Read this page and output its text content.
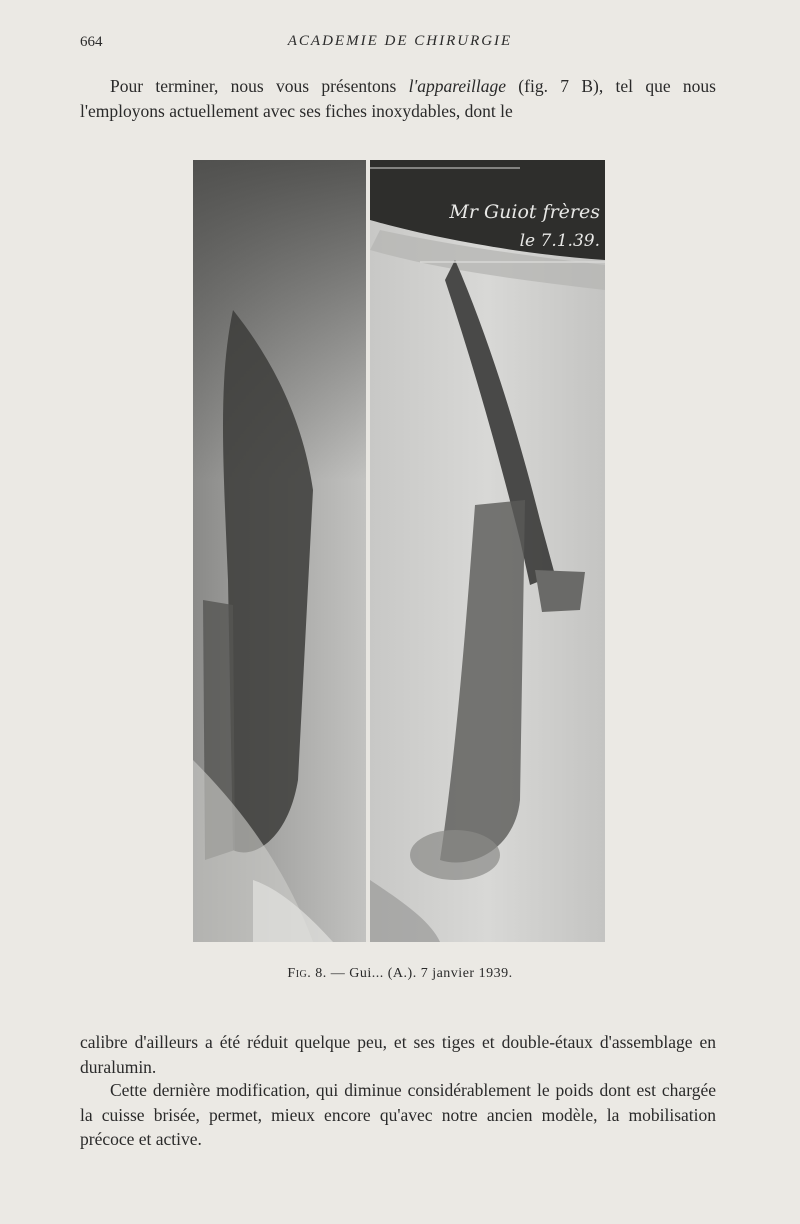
664	ACADEMIE DE CHIRURGIE

Pour terminer, nous vous présentons l'appareillage (fig. 7 B), tel que nous l'employons actuellement avec ses fiches inoxydables, dont le

Mr Guiot frères
le 7.1.39.
Fig. 8. — Gui... (A.). 7 janvier 1939.

calibre d'ailleurs a été réduit quelque peu, et ses tiges et double-étaux d'assemblage en duralumin.

Cette dernière modification, qui diminue considérablement le poids dont est chargée la cuisse brisée, permet, mieux encore qu'avec notre ancien modèle, la mobilisation précoce et active.
